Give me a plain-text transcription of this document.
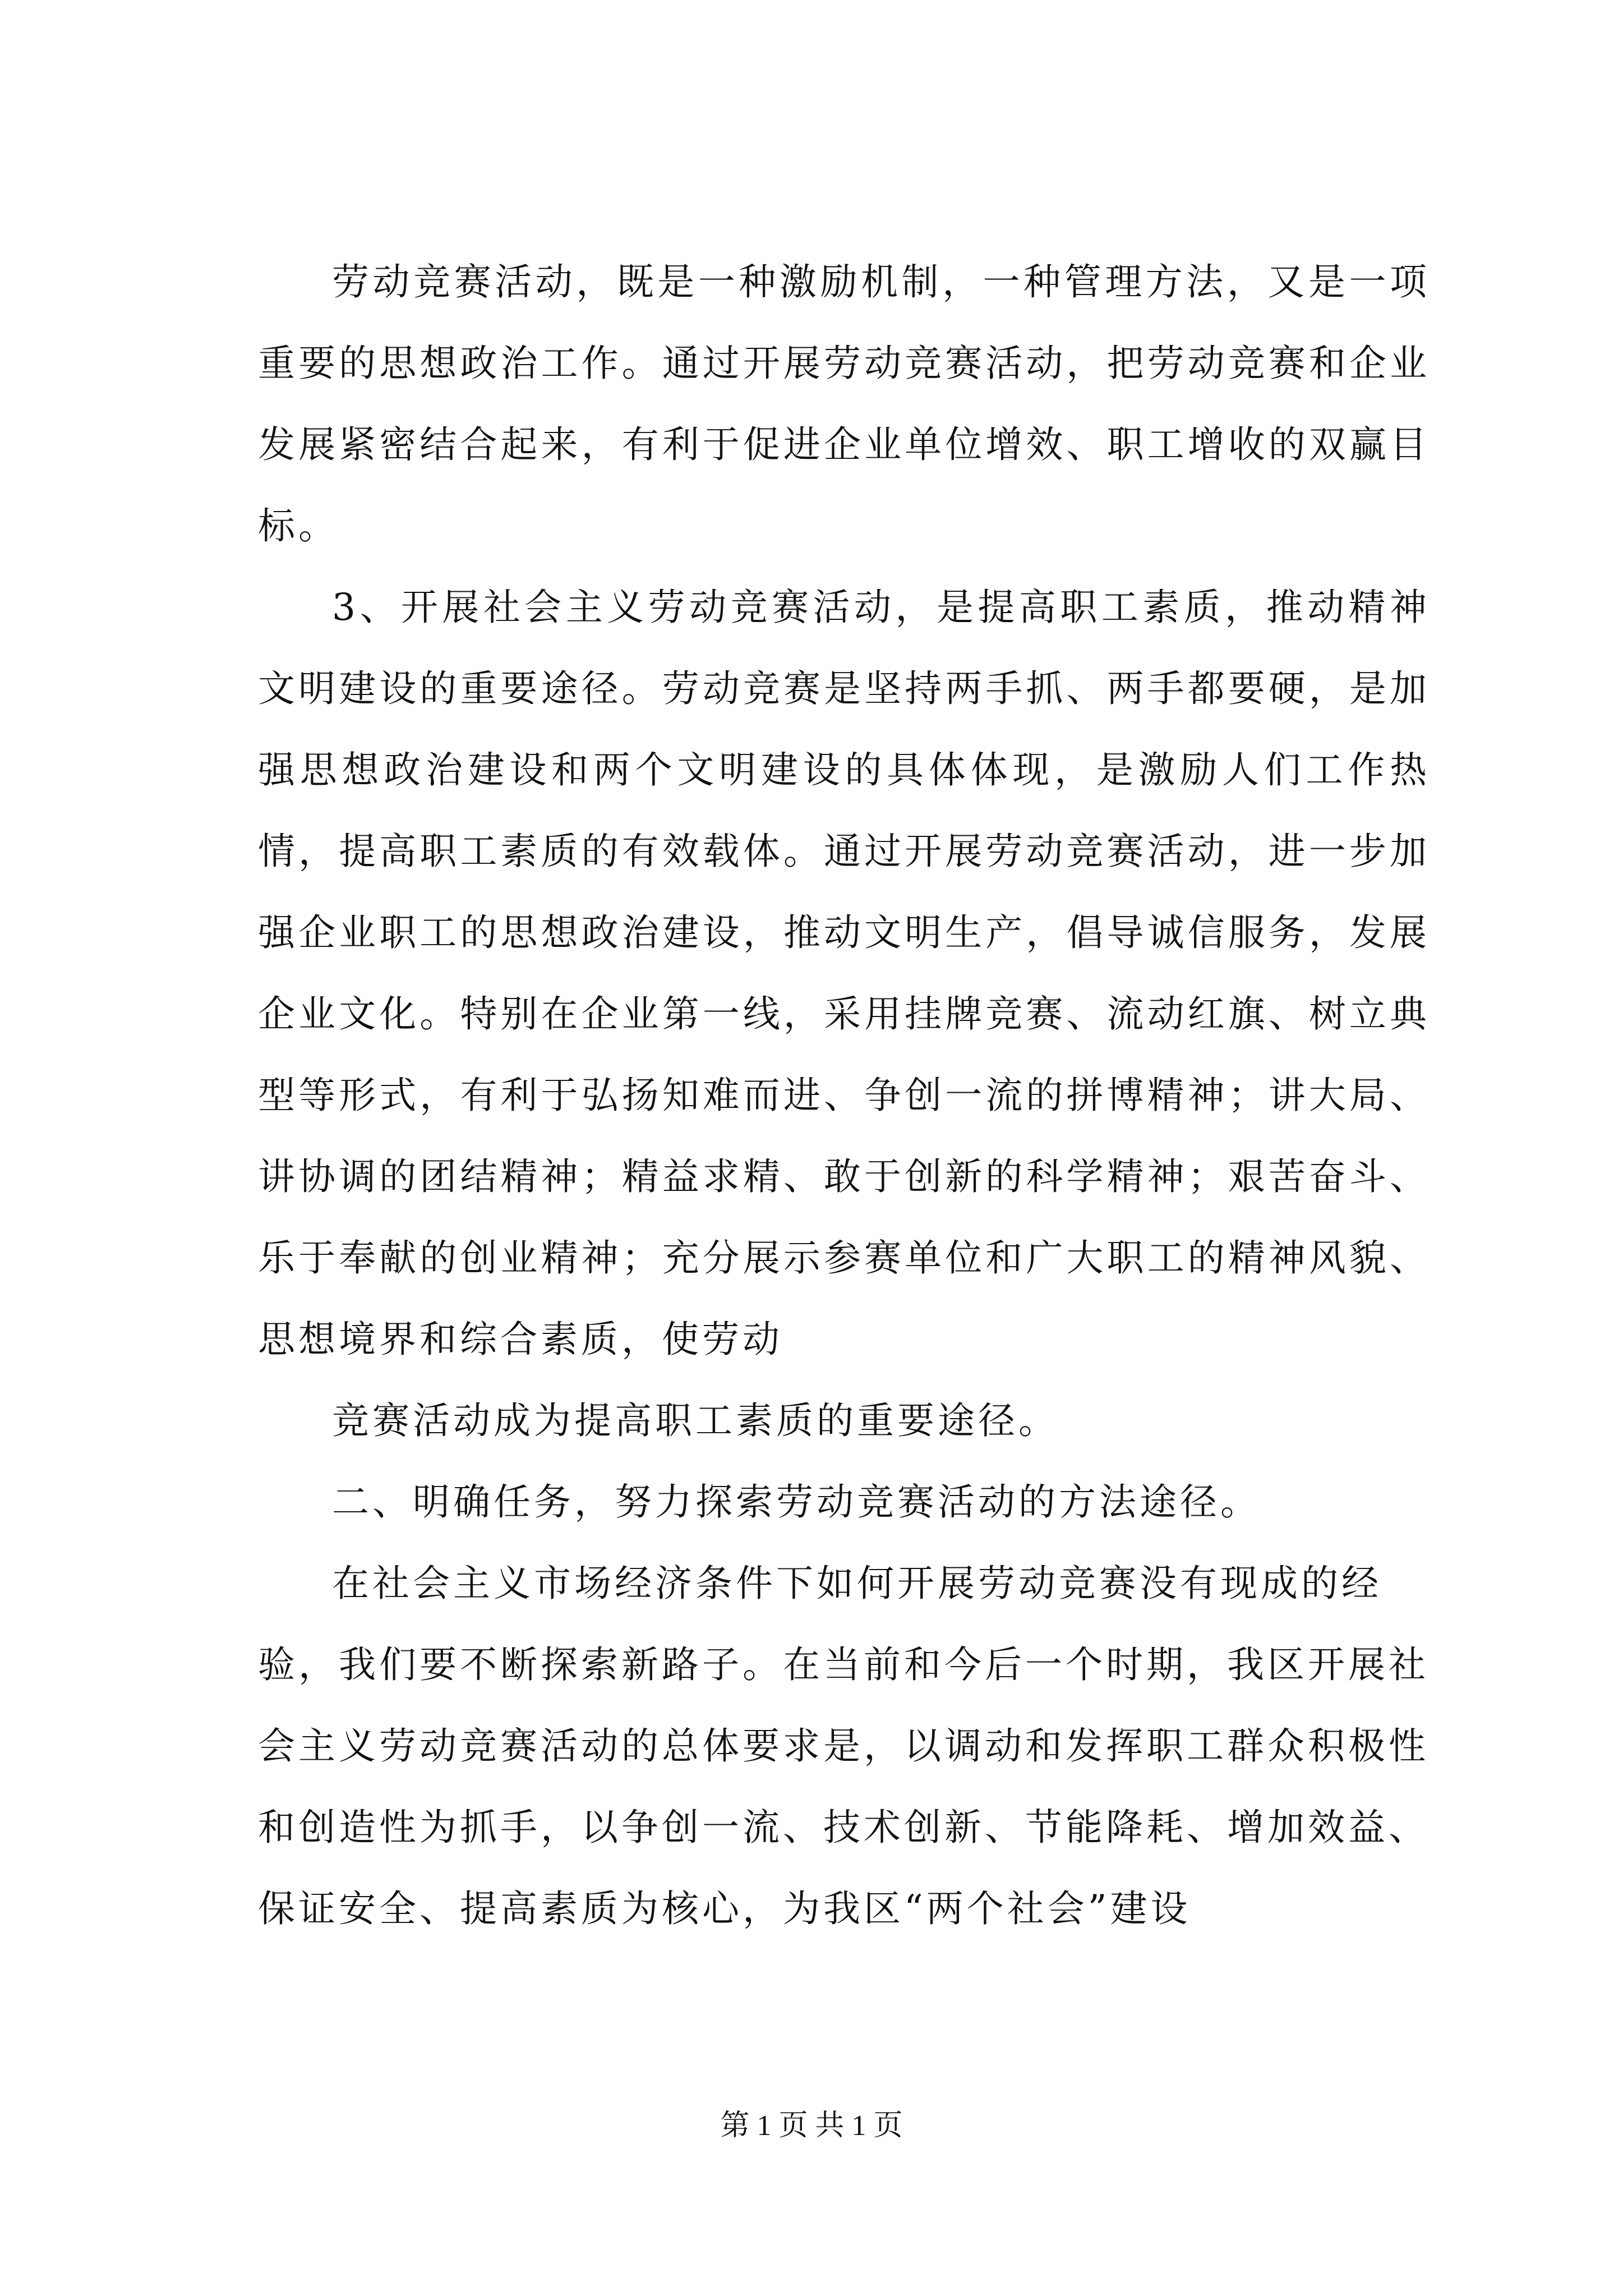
劳动竞赛活动，既是一种激励机制，一种管理方法，又是一项重要的思想政治工作。通过开展劳动竞赛活动，把劳动竞赛和企业发展紧密结合起来，有利于促进企业单位增效、职工增收的双赢目标。

3、开展社会主义劳动竞赛活动，是提高职工素质，推动精神文明建设的重要途径。劳动竞赛是坚持两手抓、两手都要硬，是加强思想政治建设和两个文明建设的具体体现，是激励人们工作热情，提高职工素质的有效载体。通过开展劳动竞赛活动，进一步加强企业职工的思想政治建设，推动文明生产，倡导诚信服务，发展企业文化。特别在企业第一线，采用挂牌竞赛、流动红旗、树立典型等形式，有利于弘扬知难而进、争创一流的拼博精神；讲大局、讲协调的团结精神；精益求精、敢于创新的科学精神；艰苦奋斗、乐于奉献的创业精神；充分展示参赛单位和广大职工的精神风貌、思想境界和综合素质，使劳动

竞赛活动成为提高职工素质的重要途径。

二、明确任务，努力探索劳动竞赛活动的方法途径。

在社会主义市场经济条件下如何开展劳动竞赛没有现成的经验，我们要不断探索新路子。在当前和今后一个时期，我区开展社会主义劳动竞赛活动的总体要求是，以调动和发挥职工群众积极性和创造性为抓手，以争创一流、技术创新、节能降耗、增加效益、保证安全、提高素质为核心，为我区“两个社会”建设

第 1 页 共 1 页
